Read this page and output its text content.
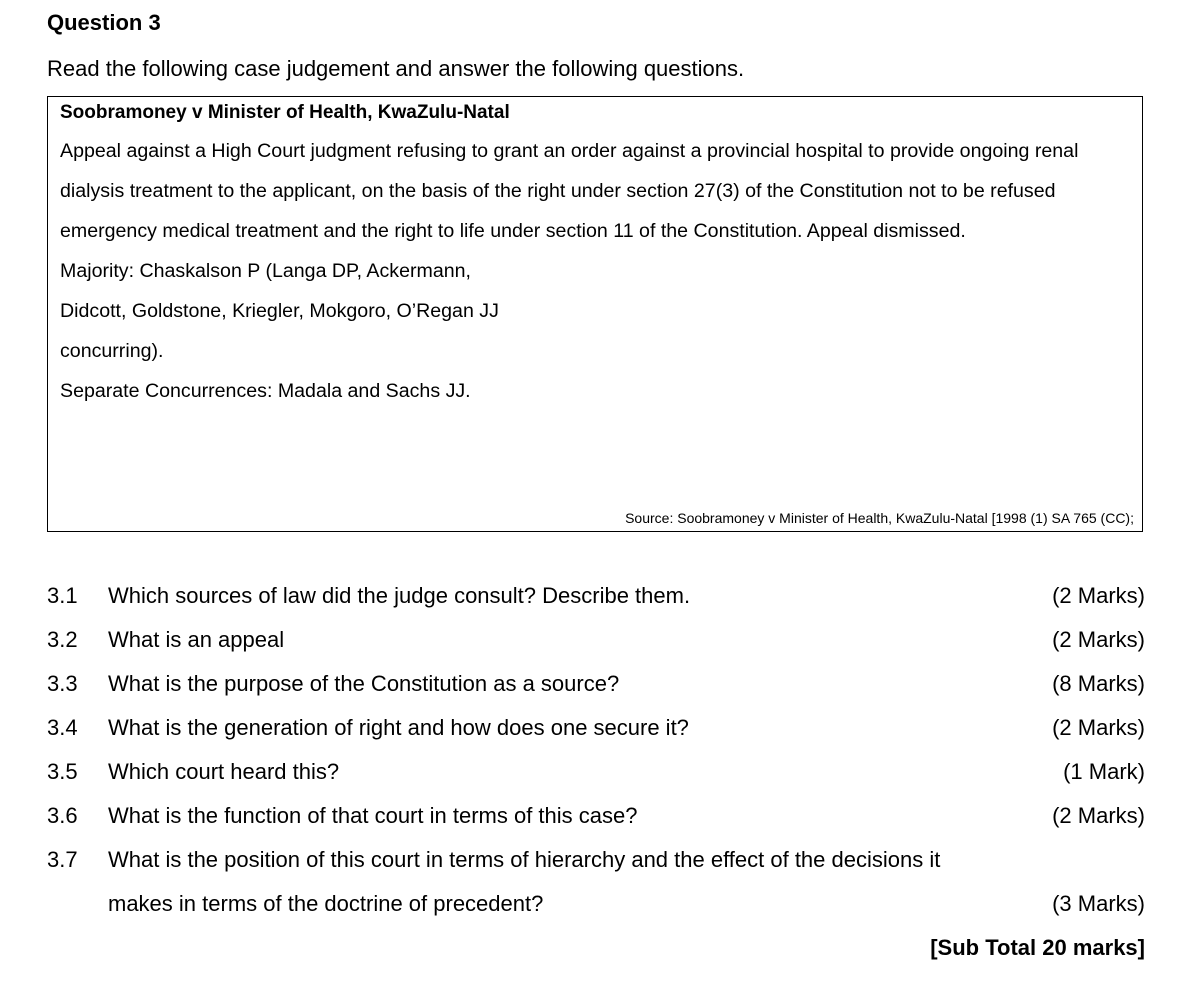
Question 3

Read the following case judgement and answer the following questions.

Soobramoney v Minister of Health, KwaZulu-Natal

Appeal against a High Court judgment refusing to grant an order against a provincial hospital to provide ongoing renal dialysis treatment to the applicant, on the basis of the right under section 27(3) of the Constitution not to be refused emergency medical treatment and the right to life under section 11 of the Constitution. Appeal dismissed.

Majority: Chaskalson P (Langa DP, Ackermann,

Didcott, Goldstone, Kriegler, Mokgoro, O’Regan JJ

concurring).

Separate Concurrences: Madala and Sachs JJ.

Source: Soobramoney v Minister of Health, KwaZulu-Natal [1998 (1) SA 765 (CC);

3.1	Which sources of law did the judge consult? Describe them.	(2 Marks)
3.2	What is an appeal	(2 Marks)
3.3	What is the purpose of the Constitution as a source?	(8 Marks)
3.4	What is the generation of right and how does one secure it?	(2 Marks)
3.5	Which court heard this?	(1 Mark)
3.6	What is the function of that court in terms of this case?	(2 Marks)
3.7	What is the position of this court in terms of hierarchy and the effect of the decisions it
makes in terms of the doctrine of precedent?	(3 Marks)
[Sub Total 20 marks]
